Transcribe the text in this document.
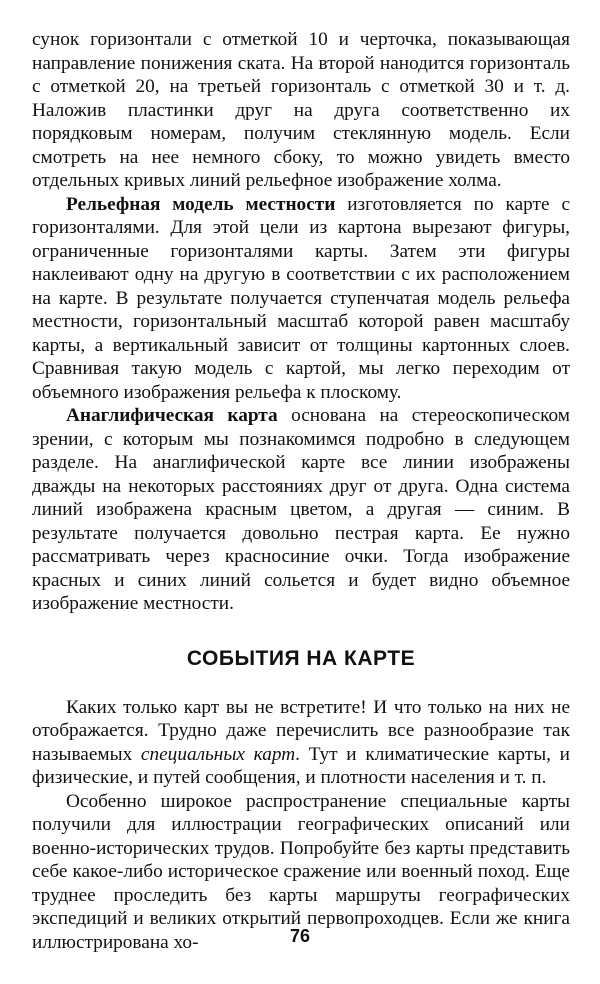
сунок горизонтали с отметкой 10 и черточка, показывающая направление понижения ската. На второй нанодится горизонталь с отметкой 20, на третьей горизонталь с отметкой 30 и т. д. Наложив пластинки друг на друга соответственно их порядковым номерам, получим стеклянную модель. Если смотреть на нее немного сбоку, то можно увидеть вместо отдельных кривых линий рельефное изображение холма.

Рельефная модель местности изготовляется по карте с горизонталями. Для этой цели из картона вырезают фигуры, ограниченные горизонталями карты. Затем эти фигуры наклеивают одну на другую в соответствии с их расположением на карте. В результате получается ступенчатая модель рельефа местности, горизонтальный масштаб которой равен масштабу карты, а вертикальный зависит от толщины картонных слоев. Сравнивая такую модель с картой, мы легко переходим от объемного изображения рельефа к плоскому.

Анаглифическая карта основана на стереоскопическом зрении, с которым мы познакомимся подробно в следующем разделе. На анаглифической карте все линии изображены дважды на некоторых расстояниях друг от друга. Одна система линий изображена красным цветом, а другая — синим. В результате получается довольно пестрая карта. Ее нужно рассматривать через красносиние очки. Тогда изображение красных и синих линий сольется и будет видно объемное изображение местности.

СОБЫТИЯ НА КАРТЕ

Каких только карт вы не встретите! И что только на них не отображается. Трудно даже перечислить все разнообразие так называемых специальных карт. Тут и климатические карты, и физические, и путей сообщения, и плотности населения и т. п.

Особенно широкое распространение специальные карты получили для иллюстрации географических описаний или военно-исторических трудов. Попробуйте без карты представить себе какое-либо историческое сражение или военный поход. Еще труднее проследить без карты маршруты географических экспедиций и великих открытий первопроходцев. Если же книга иллюстрирована хо-	76
